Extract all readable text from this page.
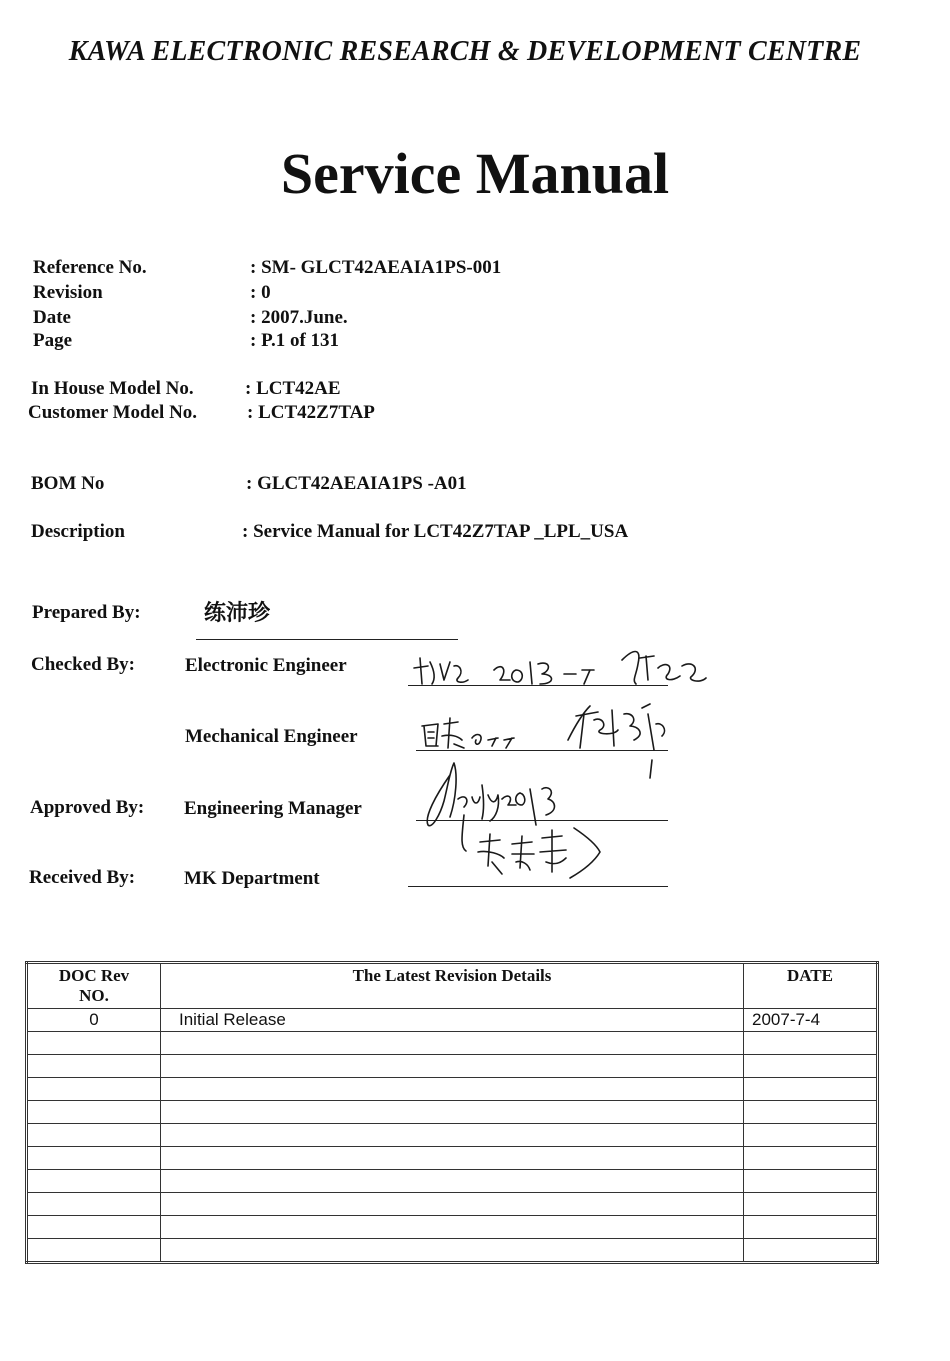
KAWA ELECTRONIC RESEARCH & DEVELOPMENT CENTRE
Service Manual
Reference No.	: SM- GLCT42AEAIA1PS-001
Revision	: 0
Date	: 2007.June.
Page	: P.1 of 131
In House Model No.	: LCT42AE
Customer Model No.	: LCT42Z7TAP
BOM No	: GLCT42AEAIA1PS -A01
Description	: Service Manual for LCT42Z7TAP _LPL_USA
Prepared By:	练沛珍
Checked By:	Electronic Engineer
Mechanical Engineer
Approved By: Engineering Manager
Received By:	MK Department
DOC Rev
NO.	The Latest Revision Details	DATE
0	Initial Release	2007-7-4
